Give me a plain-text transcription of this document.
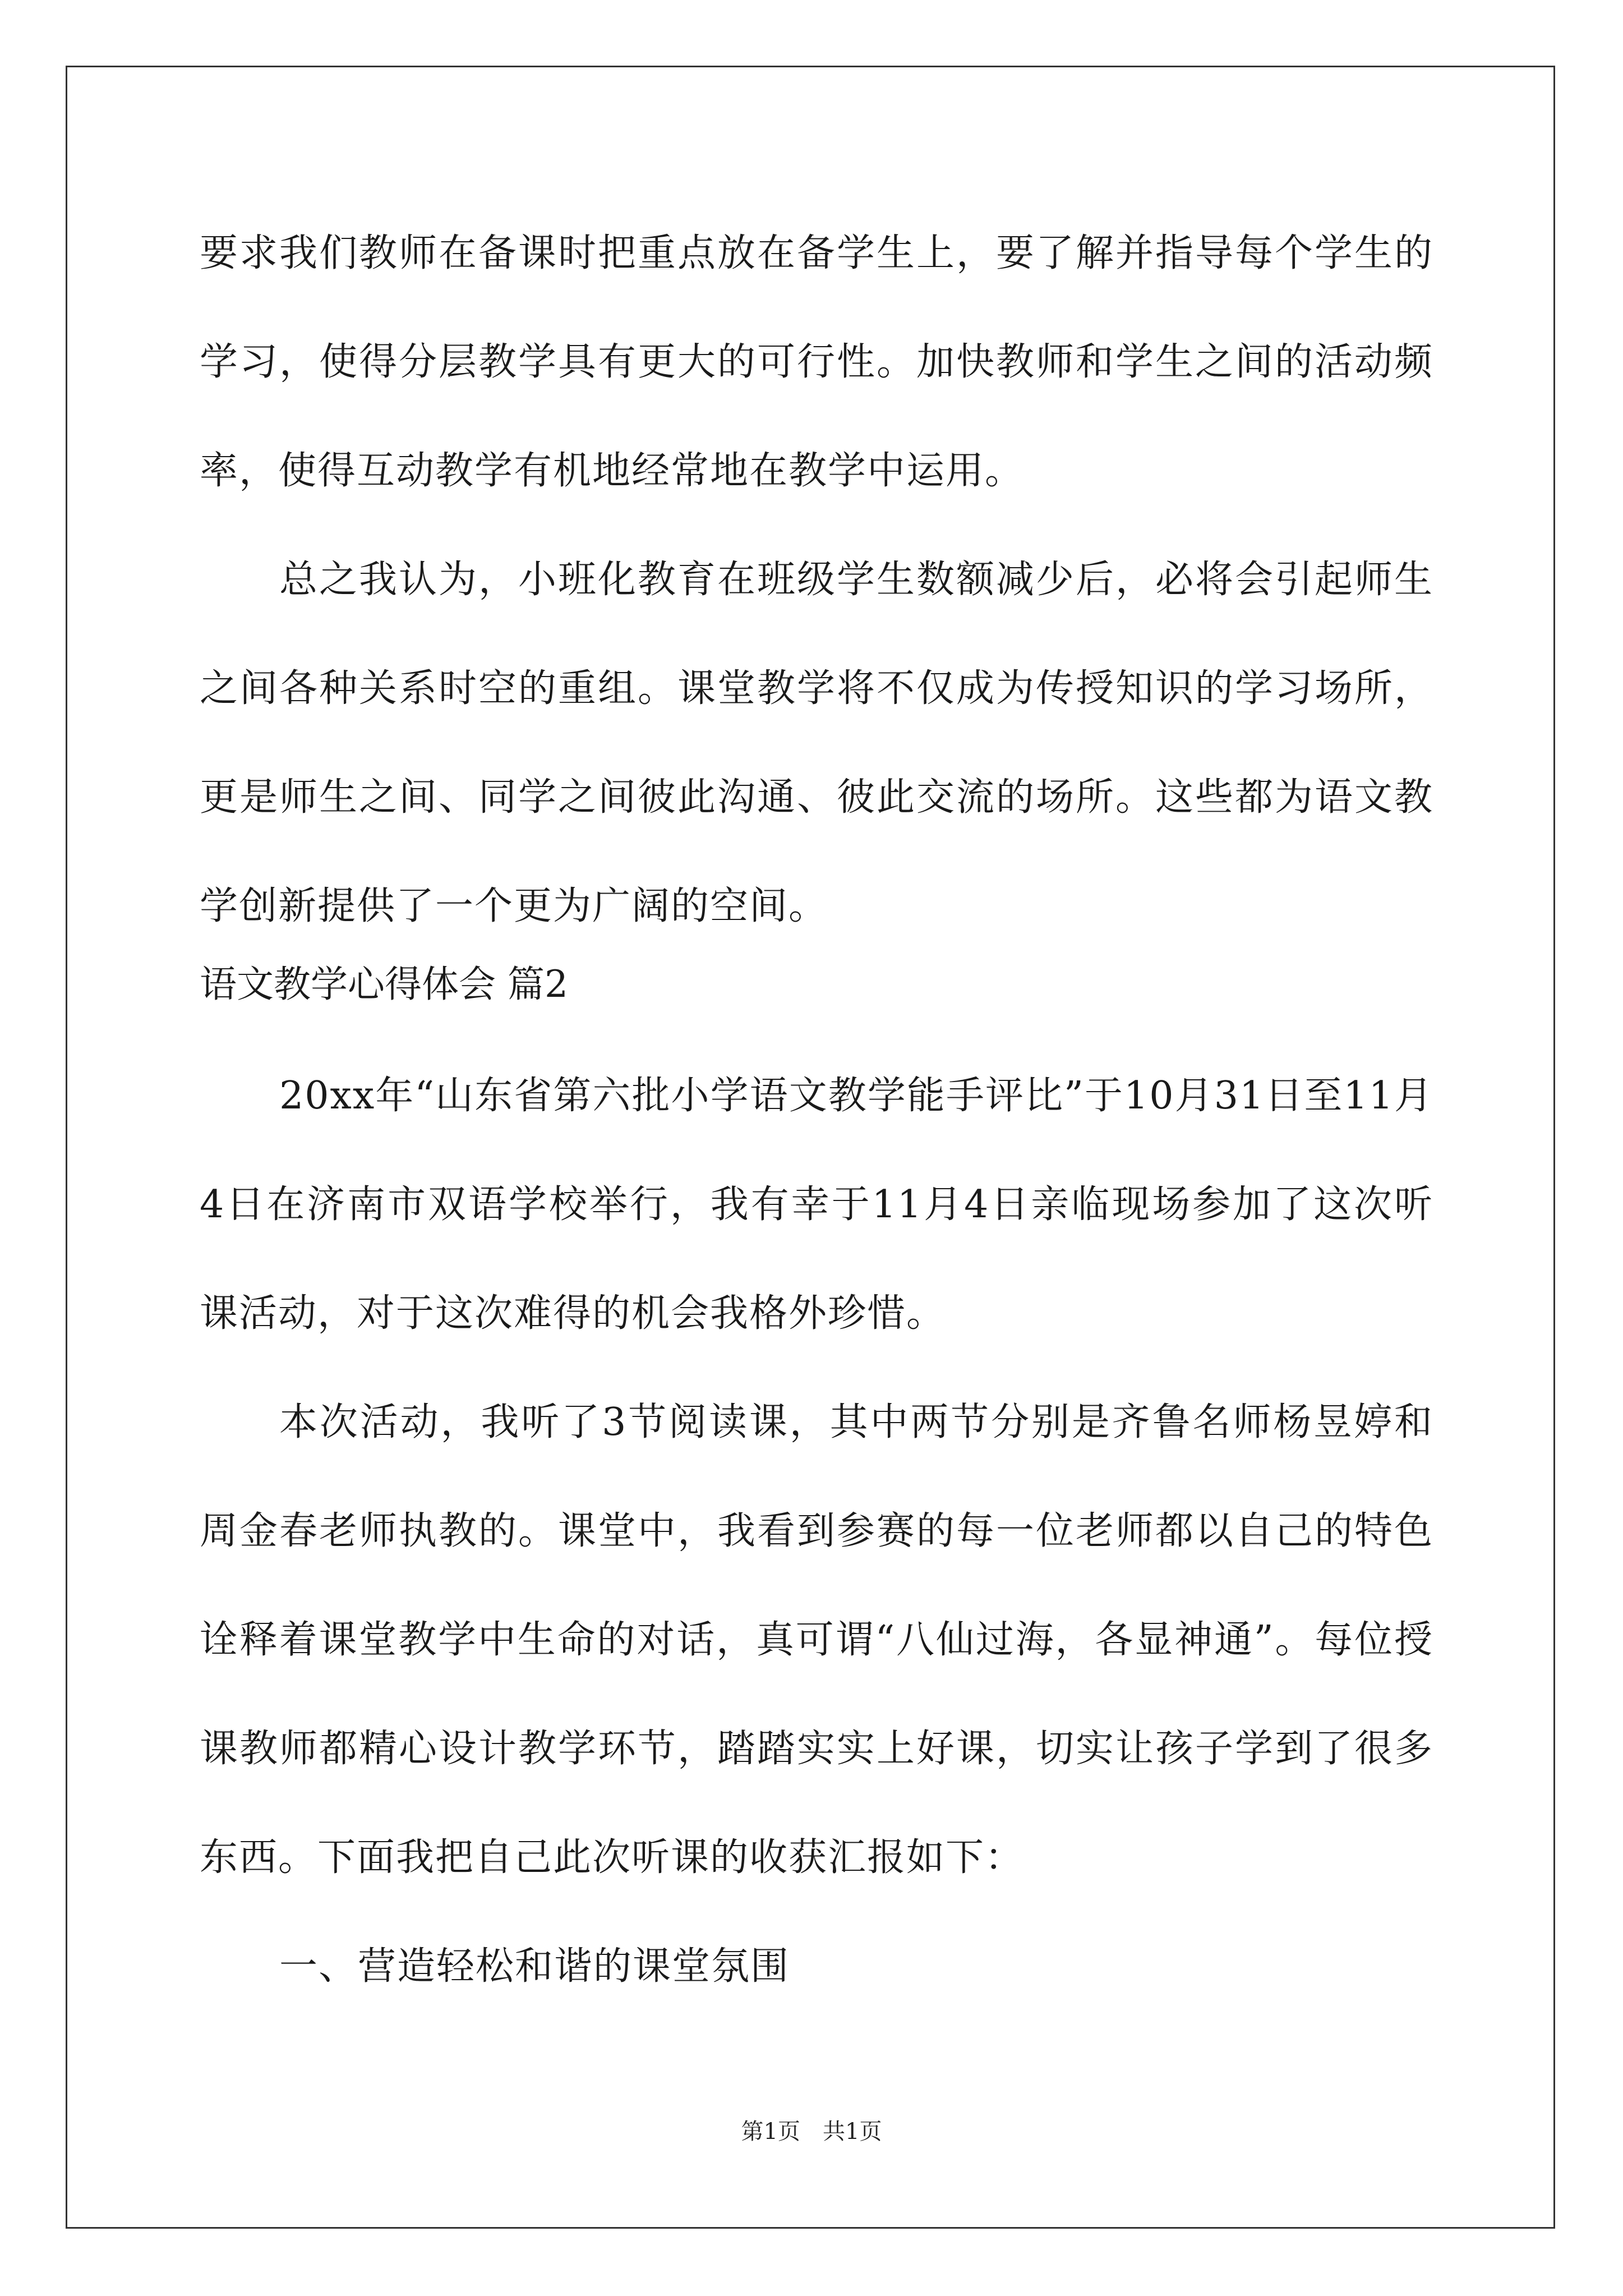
要求我们教师在备课时把重点放在备学生上，要了解并指导每个学生的学习，使得分层教学具有更大的可行性。加快教师和学生之间的活动频率，使得互动教学有机地经常地在教学中运用。

总之我认为，小班化教育在班级学生数额减少后，必将会引起师生之间各种关系时空的重组。课堂教学将不仅成为传授知识的学习场所，更是师生之间、同学之间彼此沟通、彼此交流的场所。这些都为语文教学创新提供了一个更为广阔的空间。

语文教学心得体会 篇2

20xx年“山东省第六批小学语文教学能手评比”于10月31日至11月4日在济南市双语学校举行，我有幸于11月4日亲临现场参加了这次听课活动，对于这次难得的机会我格外珍惜。

本次活动，我听了3节阅读课，其中两节分别是齐鲁名师杨昱婷和周金春老师执教的。课堂中，我看到参赛的每一位老师都以自己的特色诠释着课堂教学中生命的对话，真可谓“八仙过海，各显神通”。每位授课教师都精心设计教学环节，踏踏实实上好课，切实让孩子学到了很多东西。下面我把自己此次听课的收获汇报如下：

一、营造轻松和谐的课堂氛围

第1页 共1页
